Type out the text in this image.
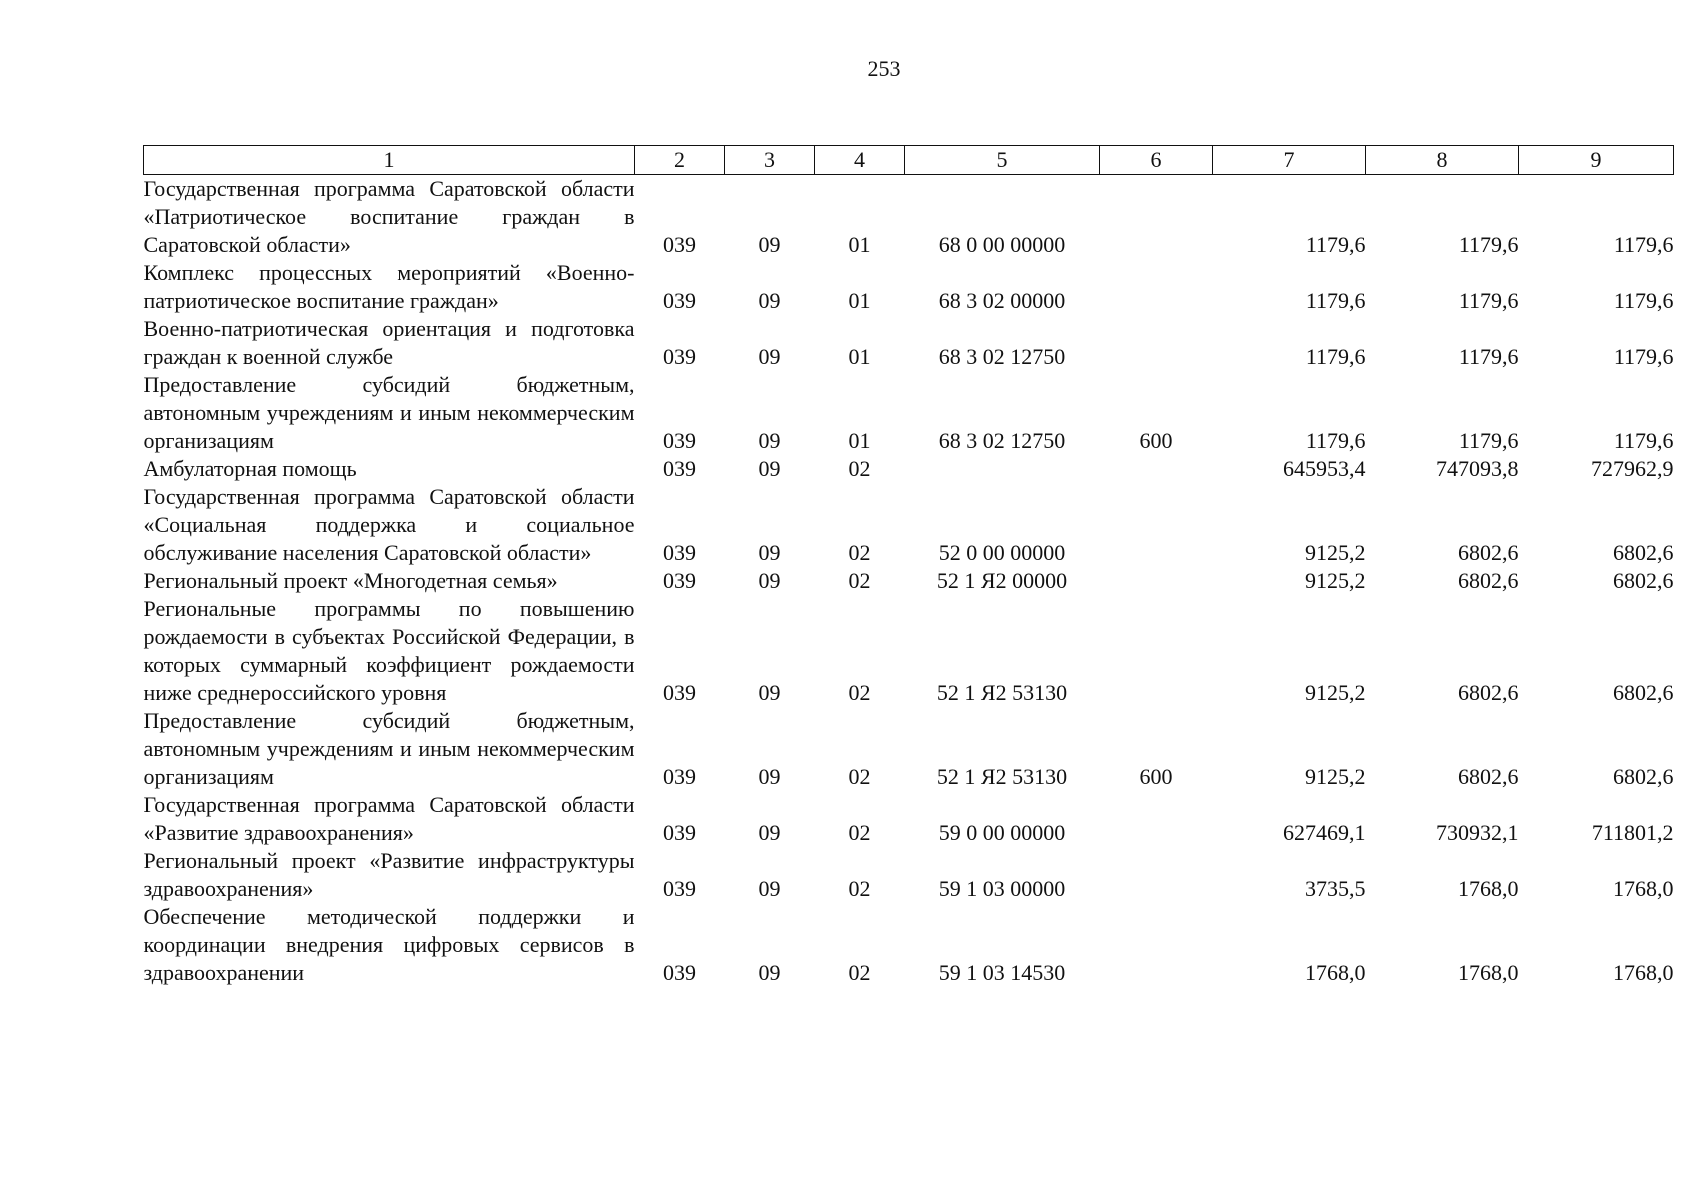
253
1	2	3	4	5	6	7	8	9
Государственная программа Саратовской области «Патриотическое воспитание граждан в Саратовской области»	039	09	01	68 0 00 00000		1179,6	1179,6	1179,6
Комплекс процессных мероприятий «Военно-патриотическое воспитание граждан»	039	09	01	68 3 02 00000		1179,6	1179,6	1179,6
Военно-патриотическая ориентация и подготовка граждан к военной службе	039	09	01	68 3 02 12750		1179,6	1179,6	1179,6
Предоставление субсидий бюджетным, автономным учреждениям и иным некоммерческим организациям	039	09	01	68 3 02 12750	600	1179,6	1179,6	1179,6
Амбулаторная помощь	039	09	02			645953,4	747093,8	727962,9
Государственная программа Саратовской области «Социальная поддержка и социальное обслуживание населения Саратовской области»	039	09	02	52 0 00 00000		9125,2	6802,6	6802,6
Региональный проект «Многодетная семья»	039	09	02	52 1 Я2 00000		9125,2	6802,6	6802,6
Региональные программы по повышению рождаемости в субъектах Российской Федерации, в которых суммарный коэффициент рождаемости ниже среднероссийского уровня	039	09	02	52 1 Я2 53130		9125,2	6802,6	6802,6
Предоставление субсидий бюджетным, автономным учреждениям и иным некоммерческим организациям	039	09	02	52 1 Я2 53130	600	9125,2	6802,6	6802,6
Государственная программа Саратовской области «Развитие здравоохранения»	039	09	02	59 0 00 00000		627469,1	730932,1	711801,2
Региональный проект «Развитие инфраструктуры здравоохранения»	039	09	02	59 1 03 00000		3735,5	1768,0	1768,0
Обеспечение методической поддержки и координации внедрения цифровых сервисов в здравоохранении	039	09	02	59 1 03 14530		1768,0	1768,0	1768,0
